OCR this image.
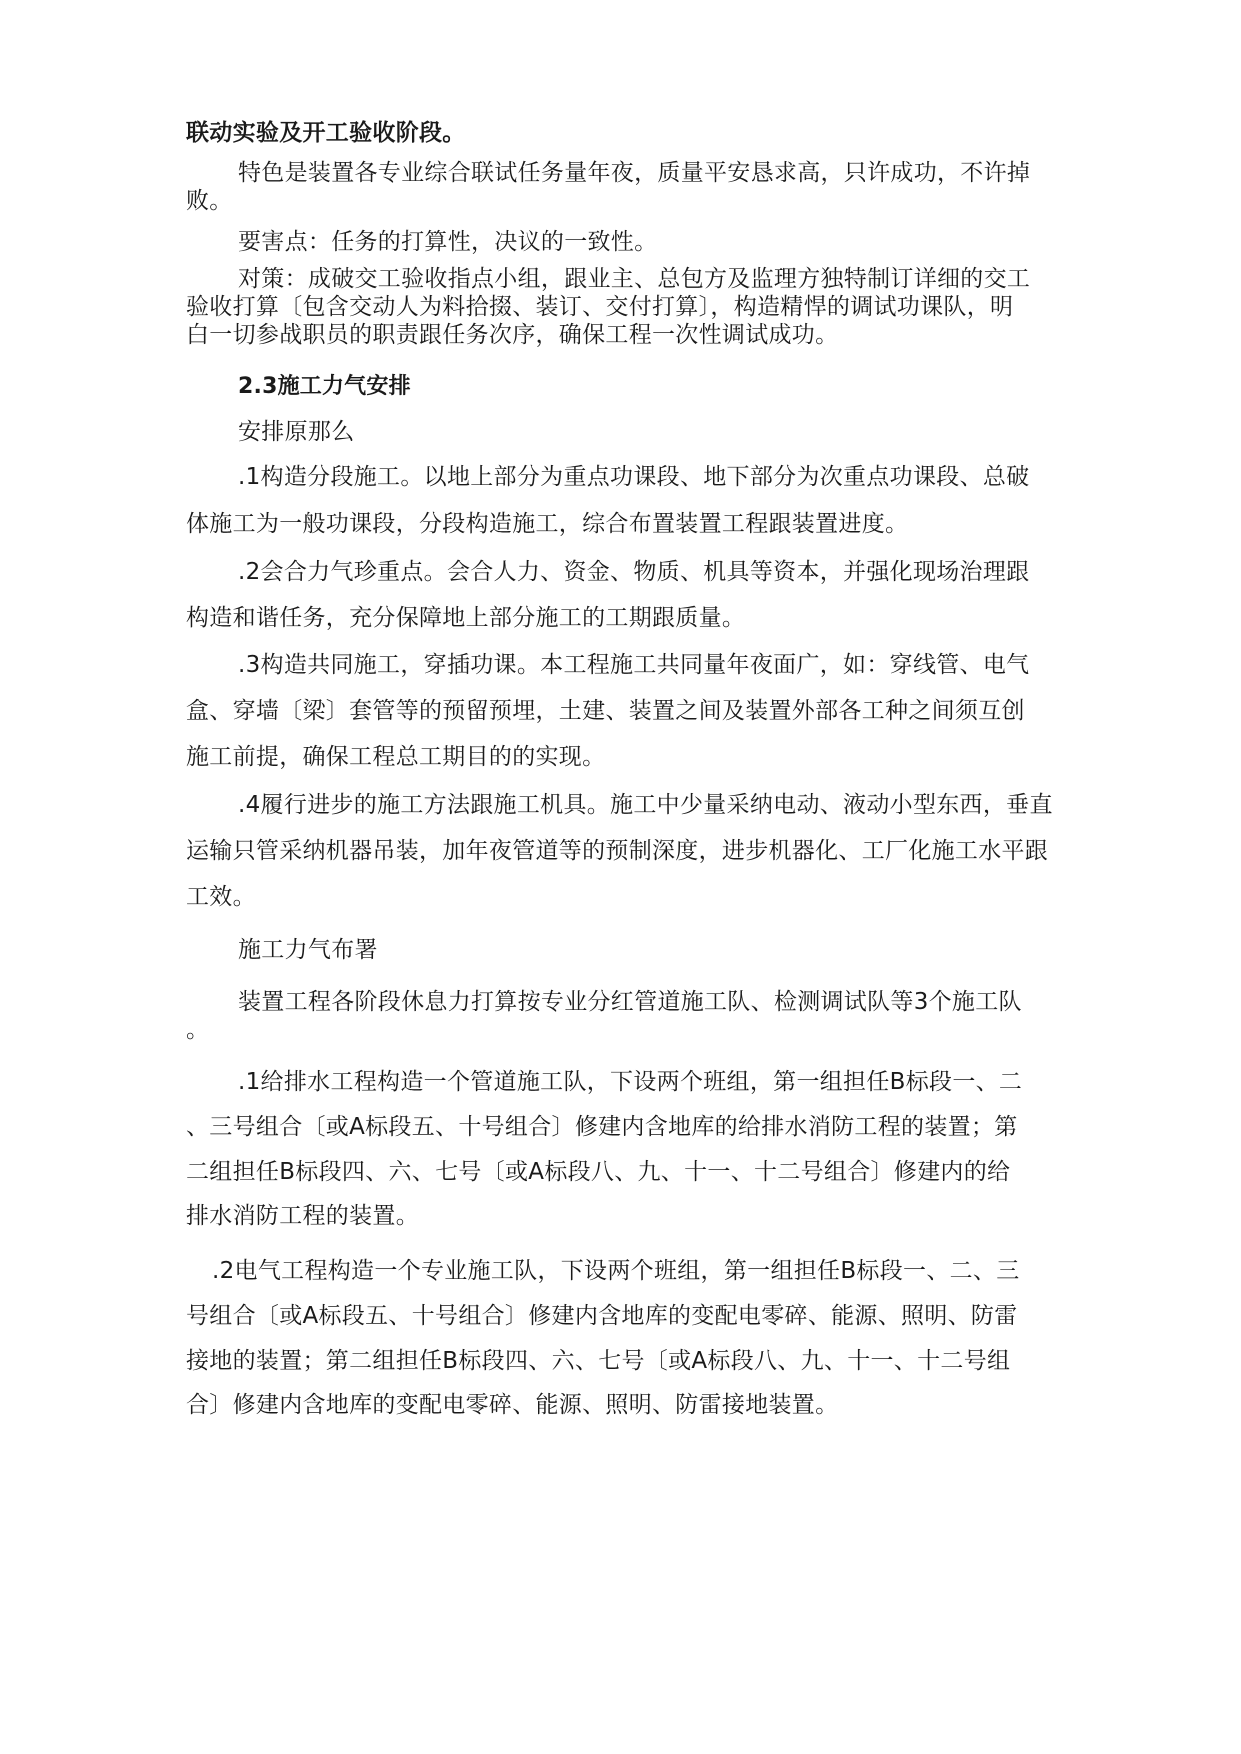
联动实验及开工验收阶段。
特色是装置各专业综合联试任务量年夜，质量平安恳求高，只许成功，不许掉
败。
要害点：任务的打算性，决议的一致性。
对策：成破交工验收指点小组，跟业主、总包方及监理方独特制订详细的交工
验收打算〔包含交动人为料拾掇、装订、交付打算〕，构造精悍的调试功课队，明
白一切参战职员的职责跟任务次序，确保工程一次性调试成功。
2.3施工力气安排
安排原那么
.1构造分段施工。以地上部分为重点功课段、地下部分为次重点功课段、总破
体施工为一般功课段，分段构造施工，综合布置装置工程跟装置进度。
.2会合力气珍重点。会合人力、资金、物质、机具等资本，并强化现场治理跟
构造和谐任务，充分保障地上部分施工的工期跟质量。
.3构造共同施工，穿插功课。本工程施工共同量年夜面广，如：穿线管、电气
盒、穿墙〔梁〕套管等的预留预埋，土建、装置之间及装置外部各工种之间须互创
施工前提，确保工程总工期目的的实现。
.4履行进步的施工方法跟施工机具。施工中少量采纳电动、液动小型东西，垂直
运输只管采纳机器吊装，加年夜管道等的预制深度，进步机器化、工厂化施工水平跟
工效。
施工力气布署
装置工程各阶段休息力打算按专业分红管道施工队、检测调试队等3个施工队
。
.1给排水工程构造一个管道施工队，下设两个班组，第一组担任B标段一、二
、三号组合〔或A标段五、十号组合〕修建内含地库的给排水消防工程的装置；第
二组担任B标段四、六、七号〔或A标段八、九、十一、十二号组合〕修建内的给
排水消防工程的装置。
.2电气工程构造一个专业施工队，下设两个班组，第一组担任B标段一、二、三
号组合〔或A标段五、十号组合〕修建内含地库的变配电零碎、能源、照明、防雷
接地的装置；第二组担任B标段四、六、七号〔或A标段八、九、十一、十二号组
合〕修建内含地库的变配电零碎、能源、照明、防雷接地装置。
